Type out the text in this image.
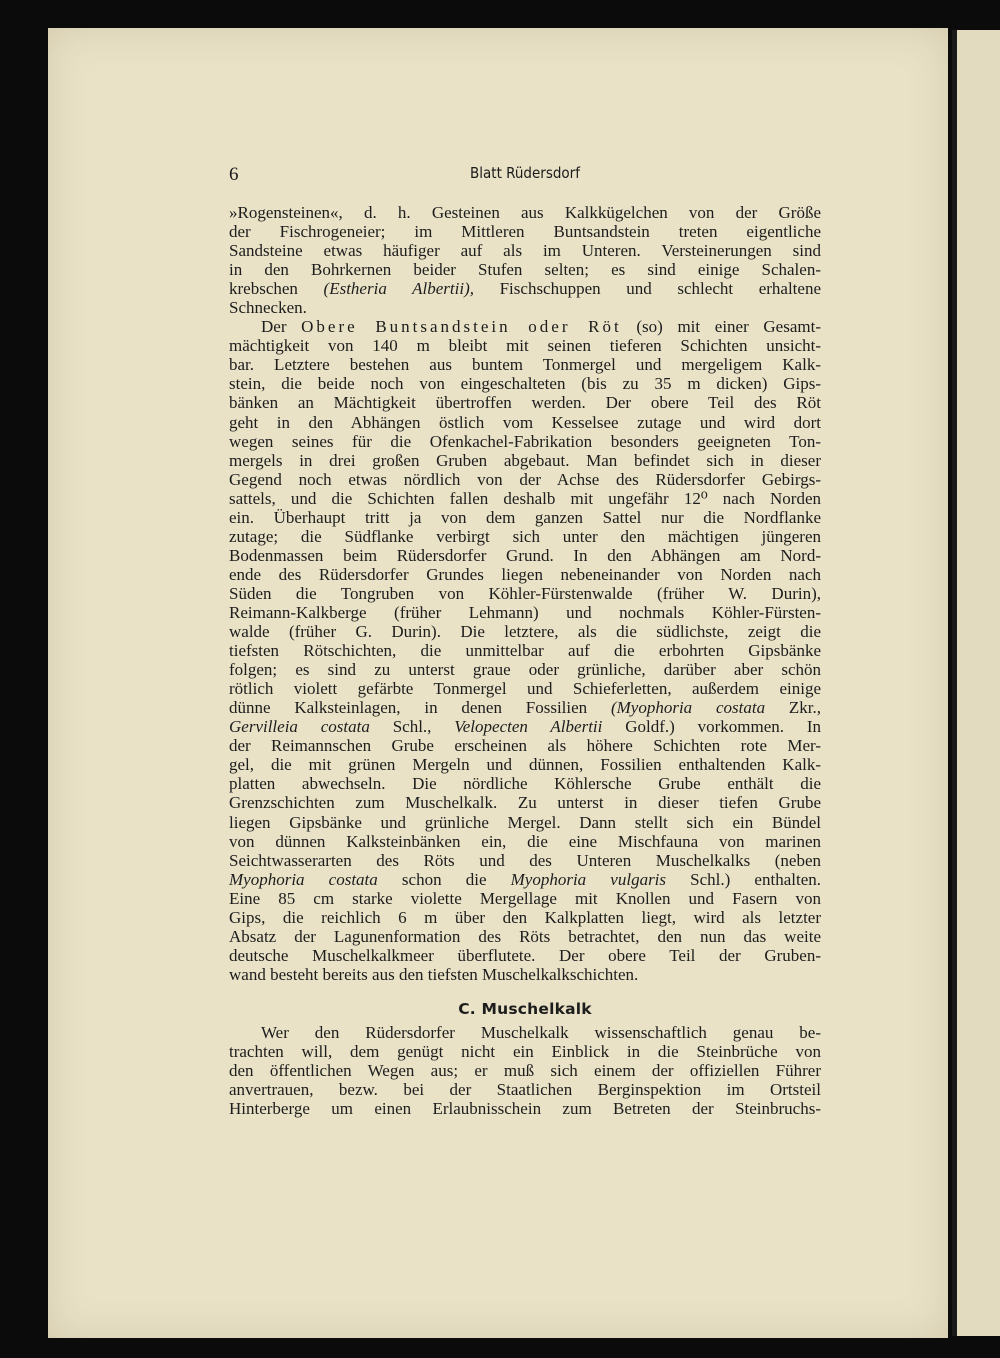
6	Blatt Rüdersdorf
»Rogensteinen«, d. h. Gesteinen aus Kalkkügelchen von der Größe
der Fischrogeneier; im Mittleren Buntsandstein treten eigentliche
Sandsteine etwas häufiger auf als im Unteren. Versteinerungen sind
in den Bohrkernen beider Stufen selten; es sind einige Schalen-
krebschen (Estheria Albertii), Fischschuppen und schlecht erhaltene
Schnecken.
Der Obere Buntsandstein oder Röt (so) mit einer Gesamt-
mächtigkeit von 140 m bleibt mit seinen tieferen Schichten unsicht-
bar. Letztere bestehen aus buntem Tonmergel und mergeligem Kalk-
stein, die beide noch von eingeschalteten (bis zu 35 m dicken) Gips-
bänken an Mächtigkeit übertroffen werden. Der obere Teil des Röt
geht in den Abhängen östlich vom Kesselsee zutage und wird dort
wegen seines für die Ofenkachel-Fabrikation besonders geeigneten Ton-
mergels in drei großen Gruben abgebaut. Man befindet sich in dieser
Gegend noch etwas nördlich von der Achse des Rüdersdorfer Gebirgs-
sattels, und die Schichten fallen deshalb mit ungefähr 12⁰ nach Norden
ein. Überhaupt tritt ja von dem ganzen Sattel nur die Nordflanke
zutage; die Südflanke verbirgt sich unter den mächtigen jüngeren
Bodenmassen beim Rüdersdorfer Grund. In den Abhängen am Nord-
ende des Rüdersdorfer Grundes liegen nebeneinander von Norden nach
Süden die Tongruben von Köhler-Fürstenwalde (früher W. Durin),
Reimann-Kalkberge (früher Lehmann) und nochmals Köhler-Fürsten-
walde (früher G. Durin). Die letztere, als die südlichste, zeigt die
tiefsten Rötschichten, die unmittelbar auf die erbohrten Gipsbänke
folgen; es sind zu unterst graue oder grünliche, darüber aber schön
rötlich violett gefärbte Tonmergel und Schieferletten, außerdem einige
dünne Kalksteinlagen, in denen Fossilien (Myophoria costata Zkr.,
Gervilleia costata Schl., Velopecten Albertii Goldf.) vorkommen. In
der Reimannschen Grube erscheinen als höhere Schichten rote Mer-
gel, die mit grünen Mergeln und dünnen, Fossilien enthaltenden Kalk-
platten abwechseln. Die nördliche Köhlersche Grube enthält die
Grenzschichten zum Muschelkalk. Zu unterst in dieser tiefen Grube
liegen Gipsbänke und grünliche Mergel. Dann stellt sich ein Bündel
von dünnen Kalksteinbänken ein, die eine Mischfauna von marinen
Seichtwasserarten des Röts und des Unteren Muschelkalks (neben
Myophoria costata schon die Myophoria vulgaris Schl.) enthalten.
Eine 85 cm starke violette Mergellage mit Knollen und Fasern von
Gips, die reichlich 6 m über den Kalkplatten liegt, wird als letzter
Absatz der Lagunenformation des Röts betrachtet, den nun das weite
deutsche Muschelkalkmeer überflutete. Der obere Teil der Gruben-
wand besteht bereits aus den tiefsten Muschelkalkschichten.
C. Muschelkalk
Wer den Rüdersdorfer Muschelkalk wissenschaftlich genau be-
trachten will, dem genügt nicht ein Einblick in die Steinbrüche von
den öffentlichen Wegen aus; er muß sich einem der offiziellen Führer
anvertrauen, bezw. bei der Staatlichen Berginspektion im Ortsteil
Hinterberge um einen Erlaubnisschein zum Betreten der Steinbruchs-
